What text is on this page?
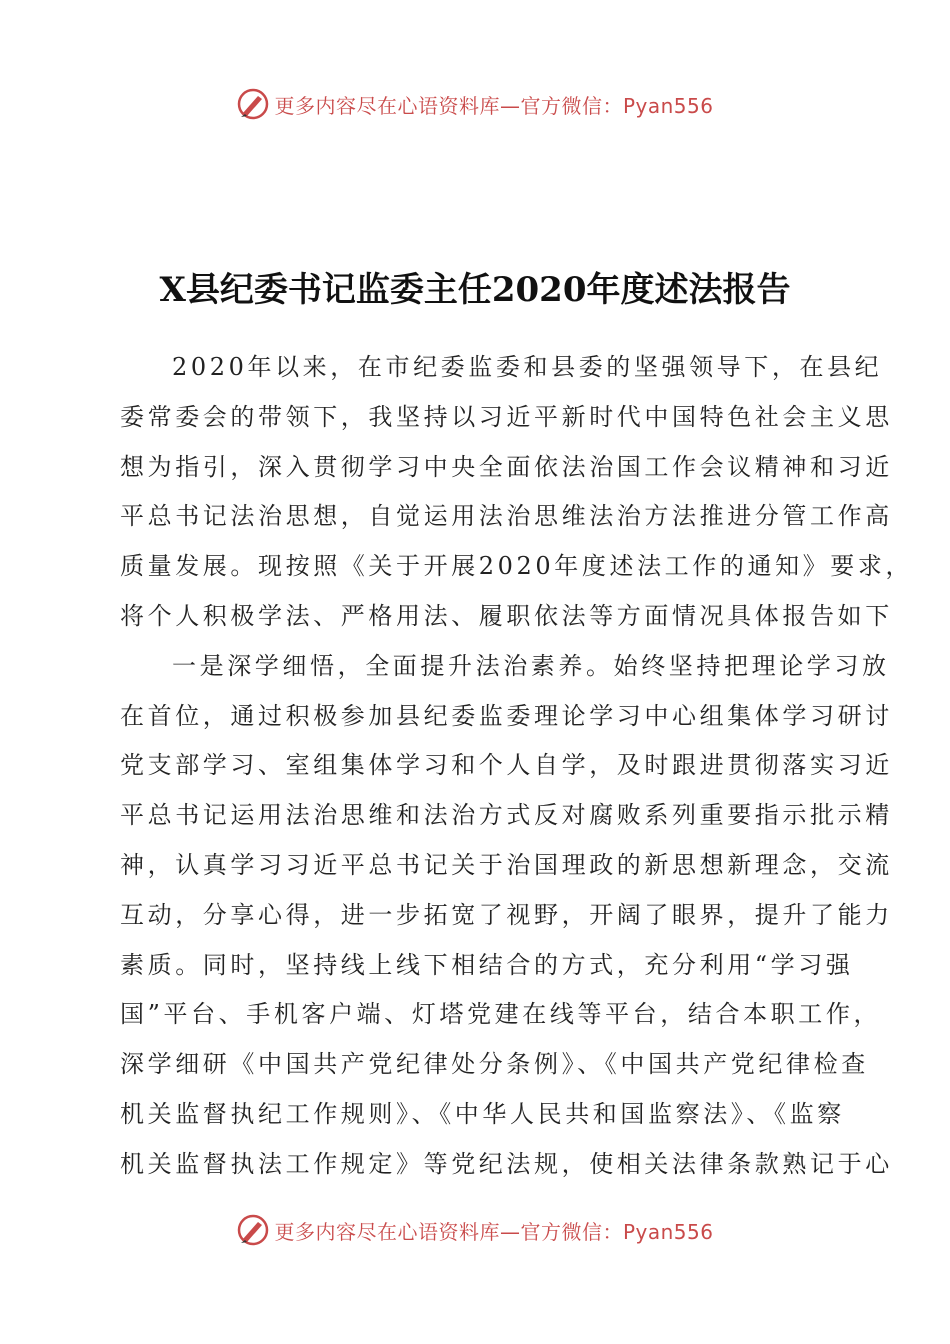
更多内容尽在心语资料库—官方微信：Pyan556
X县纪委书记监委主任2020年度述法报告
2020年以来，在市纪委监委和县委的坚强领导下，在县纪
委常委会的带领下，我坚持以习近平新时代中国特色社会主义思
想为指引，深入贯彻学习中央全面依法治国工作会议精神和习近
平总书记法治思想，自觉运用法治思维法治方法推进分管工作高
质量发展。现按照《关于开展2020年度述法工作的通知》要求，
将个人积极学法、严格用法、履职依法等方面情况具体报告如下
一是深学细悟，全面提升法治素养。始终坚持把理论学习放
在首位，通过积极参加县纪委监委理论学习中心组集体学习研讨
党支部学习、室组集体学习和个人自学，及时跟进贯彻落实习近
平总书记运用法治思维和法治方式反对腐败系列重要指示批示精
神，认真学习习近平总书记关于治国理政的新思想新理念，交流
互动，分享心得，进一步拓宽了视野，开阔了眼界，提升了能力
素质。同时，坚持线上线下相结合的方式，充分利用“学习强
国”平台、手机客户端、灯塔党建在线等平台，结合本职工作，
深学细研《中国共产党纪律处分条例》、《中国共产党纪律检查
机关监督执纪工作规则》、《中华人民共和国监察法》、《监察
机关监督执法工作规定》等党纪法规，使相关法律条款熟记于心
更多内容尽在心语资料库—官方微信：Pyan556
